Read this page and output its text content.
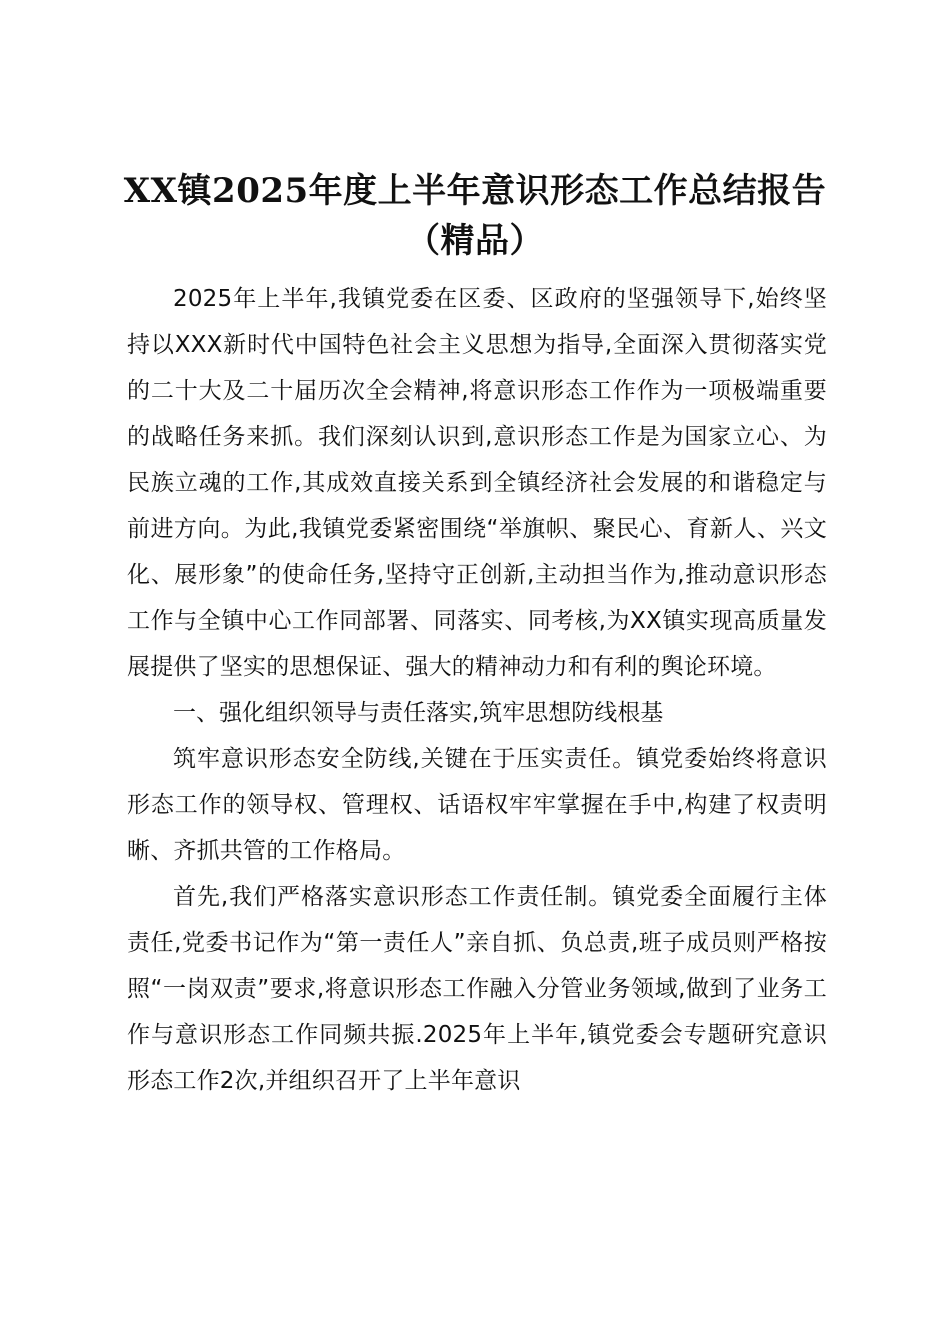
XX镇2025年度上半年意识形态工作总结报告（精品）

2025年上半年,我镇党委在区委、区政府的坚强领导下,始终坚持以XXX新时代中国特色社会主义思想为指导,全面深入贯彻落实党的二十大及二十届历次全会精神,将意识形态工作作为一项极端重要的战略任务来抓。我们深刻认识到,意识形态工作是为国家立心、为民族立魂的工作,其成效直接关系到全镇经济社会发展的和谐稳定与前进方向。为此,我镇党委紧密围绕“举旗帜、聚民心、育新人、兴文化、展形象”的使命任务,坚持守正创新,主动担当作为,推动意识形态工作与全镇中心工作同部署、同落实、同考核,为XX镇实现高质量发展提供了坚实的思想保证、强大的精神动力和有利的舆论环境。

一、强化组织领导与责任落实,筑牢思想防线根基

筑牢意识形态安全防线,关键在于压实责任。镇党委始终将意识形态工作的领导权、管理权、话语权牢牢掌握在手中,构建了权责明晰、齐抓共管的工作格局。

首先,我们严格落实意识形态工作责任制。镇党委全面履行主体责任,党委书记作为“第一责任人”亲自抓、负总责,班子成员则严格按照“一岗双责”要求,将意识形态工作融入分管业务领域,做到了业务工作与意识形态工作同频共振.2025年上半年,镇党委会专题研究意识形态工作2次,并组织召开了上半年意识
